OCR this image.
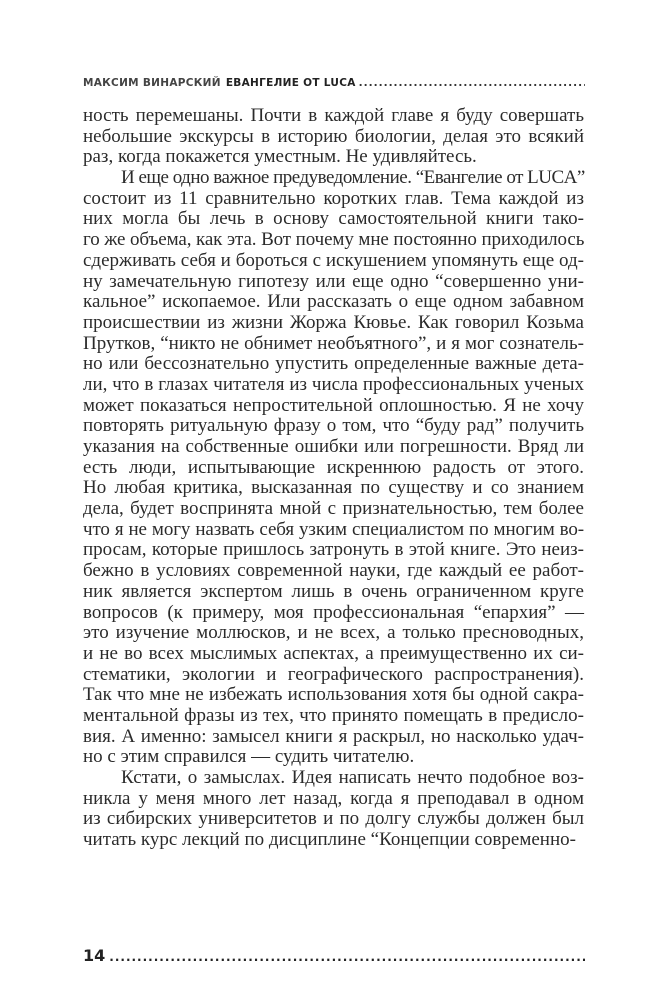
МАКСИМ ВИНАРСКИЙ ЕВАНГЕЛИЕ ОТ LUCA
.....
ность перемешаны. Почти в каждой главе я буду совершать
небольшие экскурсы в историю биологии, делая это всякий
раз, когда покажется уместным. Не удивляйтесь.
И еще одно важное предуведомление. “Евангелие от LUCA”
состоит из 11 сравнительно коротких глав. Тема каждой из
них могла бы лечь в основу самостоятельной книги тако-
го же объема, как эта. Вот почему мне постоянно приходилось
сдерживать себя и бороться с искушением упомянуть еще од-
ну замечательную гипотезу или еще одно “совершенно уни-
кальное” ископаемое. Или рассказать о еще одном забавном
происшествии из жизни Жоржа Кювье. Как говорил Козьма
Прутков, “никто не обнимет необъятного”, и я мог сознатель-
но или бессознательно упустить определенные важные дета-
ли, что в глазах читателя из числа профессиональных ученых
может показаться непростительной оплошностью. Я не хочу
повторять ритуальную фразу о том, что “буду рад” получить
указания на собственные ошибки или погрешности. Вряд ли
есть люди, испытывающие искреннюю радость от этого.
Но любая критика, высказанная по существу и со знанием
дела, будет воспринята мной с признательностью, тем более
что я не могу назвать себя узким специалистом по многим во-
просам, которые пришлось затронуть в этой книге. Это неиз-
бежно в условиях современной науки, где каждый ее работ-
ник является экспертом лишь в очень ограниченном круге
вопросов (к примеру, моя профессиональная “епархия” —
это изучение моллюсков, и не всех, а только пресноводных,
и не во всех мыслимых аспектах, а преимущественно их си-
стематики, экологии и географического распространения).
Так что мне не избежать использования хотя бы одной сакра-
ментальной фразы из тех, что принято помещать в предисло-
вия. А именно: замысел книги я раскрыл, но насколько удач-
но с этим справился — судить читателю.
Кстати, о замыслах. Идея написать нечто подобное воз-
никла у меня много лет назад, когда я преподавал в одном
из сибирских университетов и по долгу службы должен был
читать курс лекций по дисциплине “Концепции современно-
14
.....
